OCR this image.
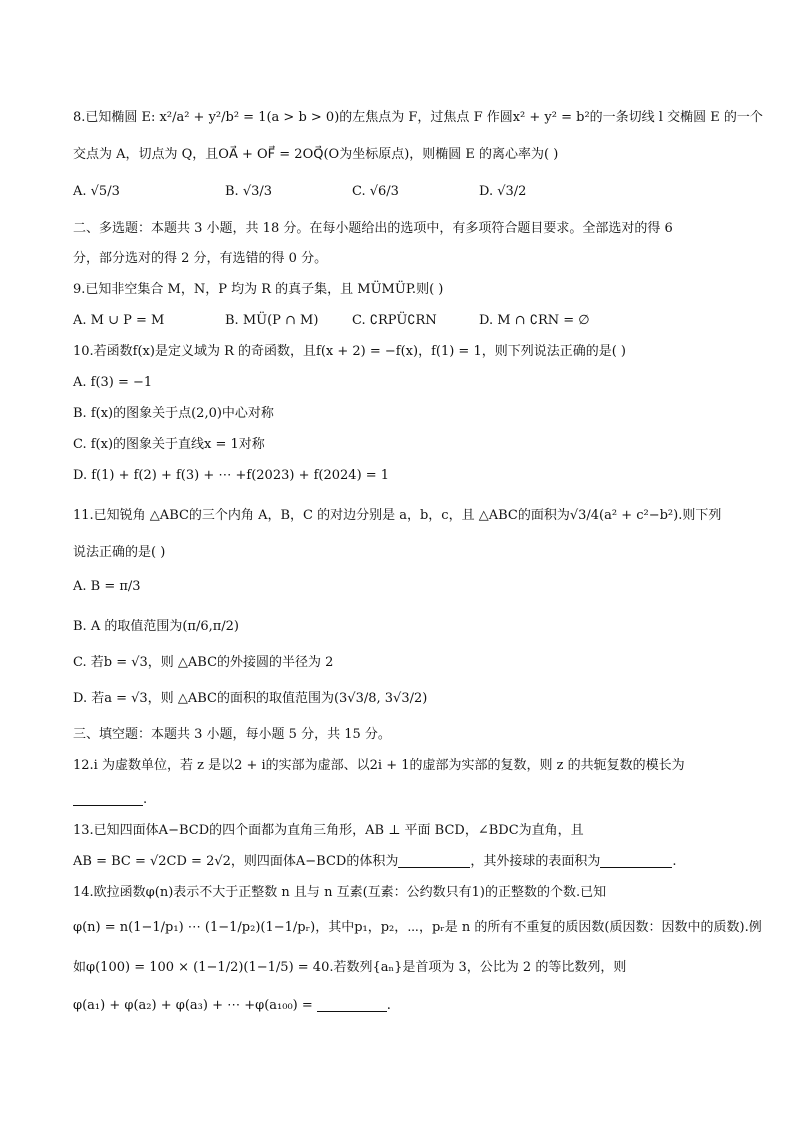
8.已知椭圆 E: x²/a² + y²/b² = 1(a > b > 0)的左焦点为 F，过焦点 F 作圆x² + y² = b²的一条切线 l 交椭圆 E 的一个
交点为 A，切点为 Q，且OA⃗ + OF⃗ = 2OQ⃗(O为坐标原点)，则椭圆 E 的离心率为( )
A. √5/3	B. √3/3	C. √6/3	D. √3/2
二、多选题：本题共 3 小题，共 18 分。在每小题给出的选项中，有多项符合题目要求。全部选对的得 6
分，部分选对的得 2 分，有选错的得 0 分。
9.已知非空集合 M，N，P 均为 R 的真子集，且 MÜMÜP.则( )
A. M ∪ P = M	B. MÜ(P ∩ M)	C. ∁RPÜ∁RN	D. M ∩ ∁RN = ∅
10.若函数f(x)是定义域为 R 的奇函数，且f(x + 2) = −f(x)，f(1) = 1，则下列说法正确的是( )
A. f(3) = −1
B. f(x)的图象关于点(2,0)中心对称
C. f(x)的图象关于直线x = 1对称
D. f(1) + f(2) + f(3) + ⋯ +f(2023) + f(2024) = 1
11.已知锐角 △ABC的三个内角 A，B，C 的对边分别是 a，b，c，且 △ABC的面积为√3/4(a² + c²−b²).则下列
说法正确的是( )
A. B = π/3
B. A 的取值范围为(π/6,π/2)
C. 若b = √3，则 △ABC的外接圆的半径为 2
D. 若a = √3，则 △ABC的面积的取值范围为(3√3/8, 3√3/2)
三、填空题：本题共 3 小题，每小题 5 分，共 15 分。
12.i 为虚数单位，若 z 是以2 + i的实部为虚部、以2i + 1的虚部为实部的复数，则 z 的共轭复数的模长为
.
13.已知四面体A−BCD的四个面都为直角三角形，AB ⊥ 平面 BCD，∠BDC为直角，且
AB = BC = √2CD = 2√2，则四面体A−BCD的体积为	，其外接球的表面积为	.
14.欧拉函数φ(n)表示不大于正整数 n 且与 n 互素(互素：公约数只有1)的正整数的个数.已知
φ(n) = n(1−1/p₁) ⋯ (1−1/p₂)(1−1/pᵣ)，其中p₁，p₂，⋯，pᵣ是 n 的所有不重复的质因数(质因数：因数中的质数).例
如φ(100) = 100 × (1−1/2)(1−1/5) = 40.若数列{aₙ}是首项为 3，公比为 2 的等比数列，则
φ(a₁) + φ(a₂) + φ(a₃) + ⋯ +φ(a₁₀₀) =	.
